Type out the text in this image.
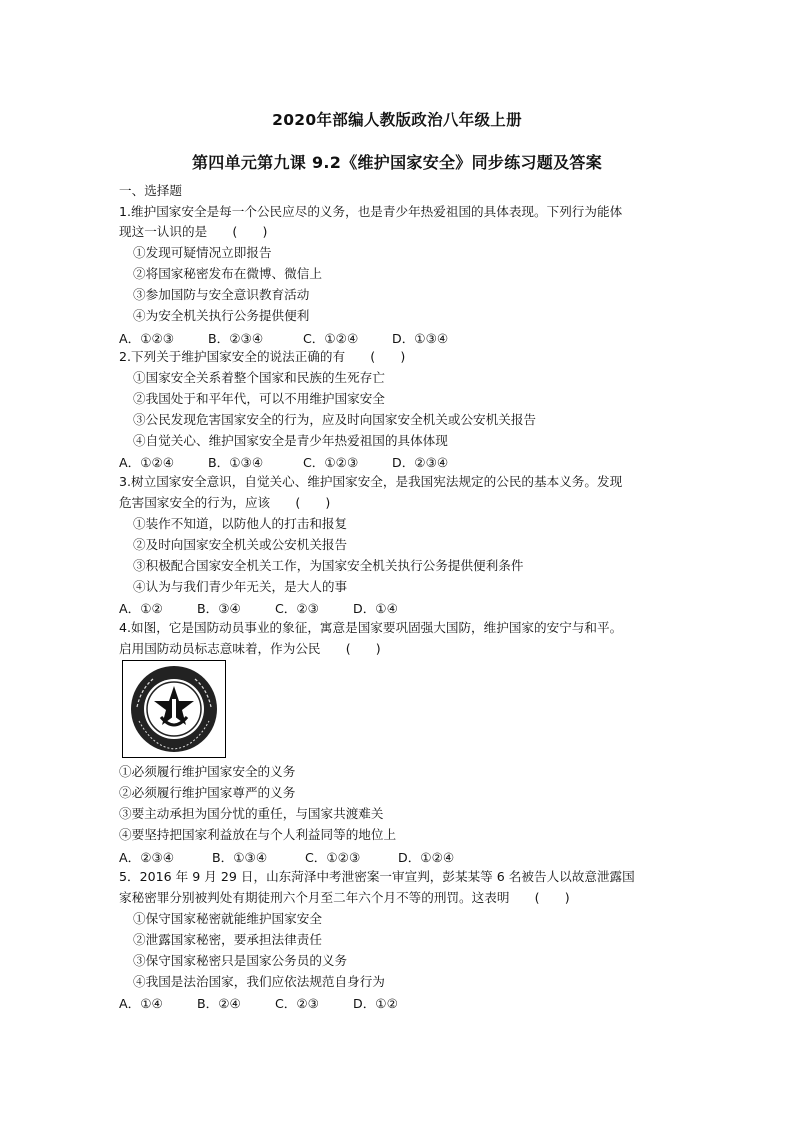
2020年部编人教版政治八年级上册
第四单元第九课 9.2《维护国家安全》同步练习题及答案
一、选择题
1.维护国家安全是每一个公民应尽的义务，也是青少年热爱祖国的具体表现。下列行为能体
现这一认识的是　　(　　)
①发现可疑情况立即报告
②将国家秘密发布在微博、微信上
③参加国防与安全意识教育活动
④为安全机关执行公务提供便利
A．①②③	B．②③④	C．①②④	D．①③④
2.下列关于维护国家安全的说法正确的有　　(　　)
①国家安全关系着整个国家和民族的生死存亡
②我国处于和平年代，可以不用维护国家安全
③公民发现危害国家安全的行为，应及时向国家安全机关或公安机关报告
④自觉关心、维护国家安全是青少年热爱祖国的具体体现
A．①②④	B．①③④	C．①②③	D．②③④
3.树立国家安全意识，自觉关心、维护国家安全，是我国宪法规定的公民的基本义务。发现
危害国家安全的行为，应该　　(　　)
①装作不知道，以防他人的打击和报复
②及时向国家安全机关或公安机关报告
③积极配合国家安全机关工作，为国家安全机关执行公务提供便利条件
④认为与我们青少年无关，是大人的事
A．①②	B．③④	C．②③	D．①④
4.如图，它是国防动员事业的象征，寓意是国家要巩固强大国防，维护国家的安宁与和平。
启用国防动员标志意味着，作为公民　　(　　)
①必须履行维护国家安全的义务
②必须履行维护国家尊严的义务
③要主动承担为国分忧的重任，与国家共渡难关
④要坚持把国家利益放在与个人利益同等的地位上
A．②③④	B．①③④	C．①②③	D．①②④
5．2016 年 9 月 29 日，山东菏泽中考泄密案一审宣判，彭某某等 6 名被告人以故意泄露国
家秘密罪分别被判处有期徒刑六个月至二年六个月不等的刑罚。这表明　　(　　)
①保守国家秘密就能维护国家安全
②泄露国家秘密，要承担法律责任
③保守国家秘密只是国家公务员的义务
④我国是法治国家，我们应依法规范自身行为
A．①④	B．②④	C．②③	D．①②
